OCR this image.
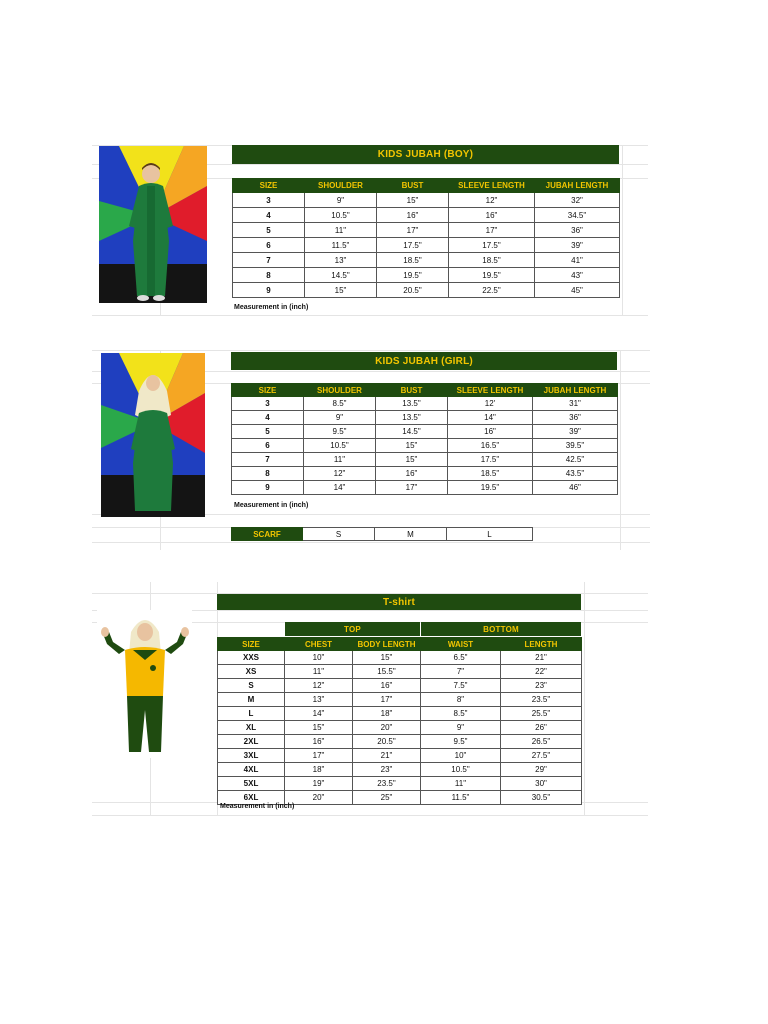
KIDS JUBAH (BOY)
SIZE	SHOULDER	BUST	SLEEVE LENGTH	JUBAH LENGTH
3	9"	15"	12"	32"
4	10.5"	16"	16"	34.5"
5	11"	17"	17"	36"
6	11.5"	17.5"	17.5"	39"
7	13"	18.5"	18.5"	41"
8	14.5"	19.5"	19.5"	43"
9	15"	20.5"	22.5"	45"
Measurement in (inch)
KIDS JUBAH (GIRL)
SIZE	SHOULDER	BUST	SLEEVE LENGTH	JUBAH LENGTH
3	8.5"	13.5"	12'	31"
4	9"	13.5"	14"	36"
5	9.5"	14.5"	16"	39"
6	10.5"	15"	16.5"	39.5"
7	11"	15"	17.5"	42.5"
8	12"	16"	18.5"	43.5"
9	14"	17"	19.5"	46"
Measurement in (inch)
SCARF	S	M	L
T-shirt
TOP	BOTTOM
SIZE	CHEST	BODY LENGTH	WAIST	LENGTH
XXS	10"	15"	6.5"	21"
XS	11"	15.5"	7"	22"
S	12"	16"	7.5"	23"
M	13"	17"	8"	23.5"
L	14"	18"	8.5"	25.5"
XL	15"	20"	9"	26"
2XL	16"	20.5"	9.5"	26.5"
3XL	17"	21"	10"	27.5"
4XL	18"	23"	10.5"	29"
5XL	19"	23.5"	11"	30"
6XL	20"	25"	11.5"	30.5"
Measurement in (inch)
